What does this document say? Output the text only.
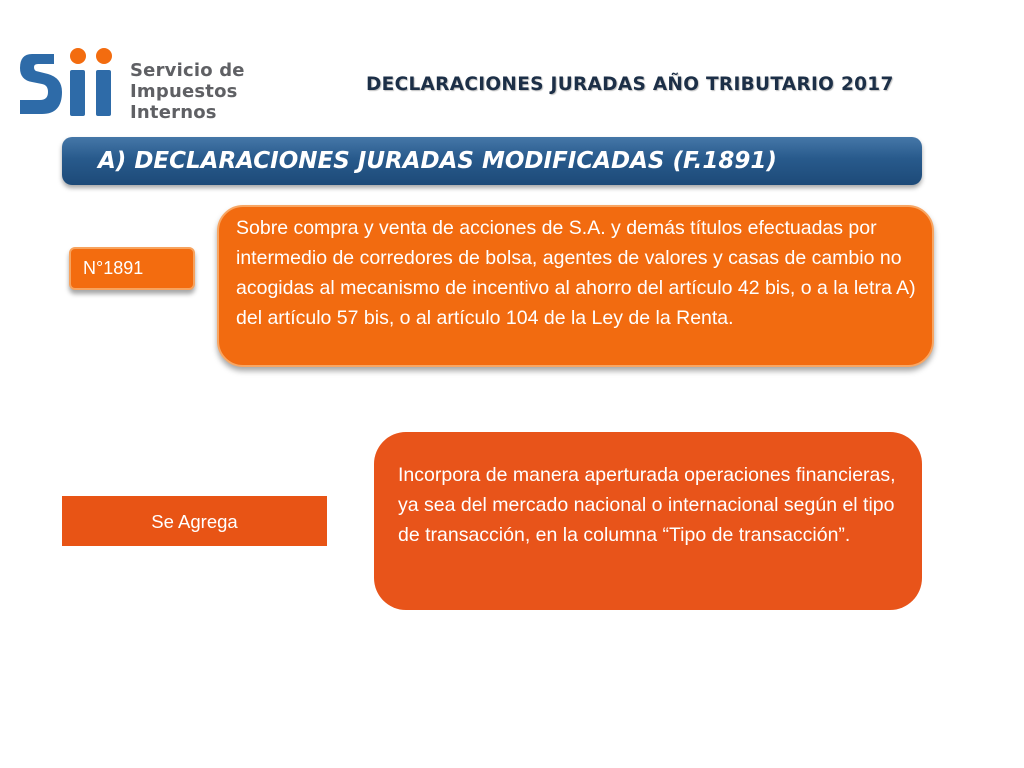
Servicio de
Impuestos
Internos
DECLARACIONES JURADAS AÑO TRIBUTARIO 2017
A) DECLARACIONES JURADAS MODIFICADAS (F.1891)
N°1891
Sobre compra y venta de acciones de S.A. y demás títulos efectuadas por intermedio de corredores de bolsa, agentes de valores y casas de cambio no acogidas al mecanismo de incentivo al ahorro del artículo 42 bis, o a la letra A) del artículo 57 bis, o al artículo 104 de la Ley de la Renta.
Se Agrega
Incorpora de manera aperturada operaciones financieras, ya sea del mercado nacional o internacional según el tipo de transacción, en la columna “Tipo de transacción”.
